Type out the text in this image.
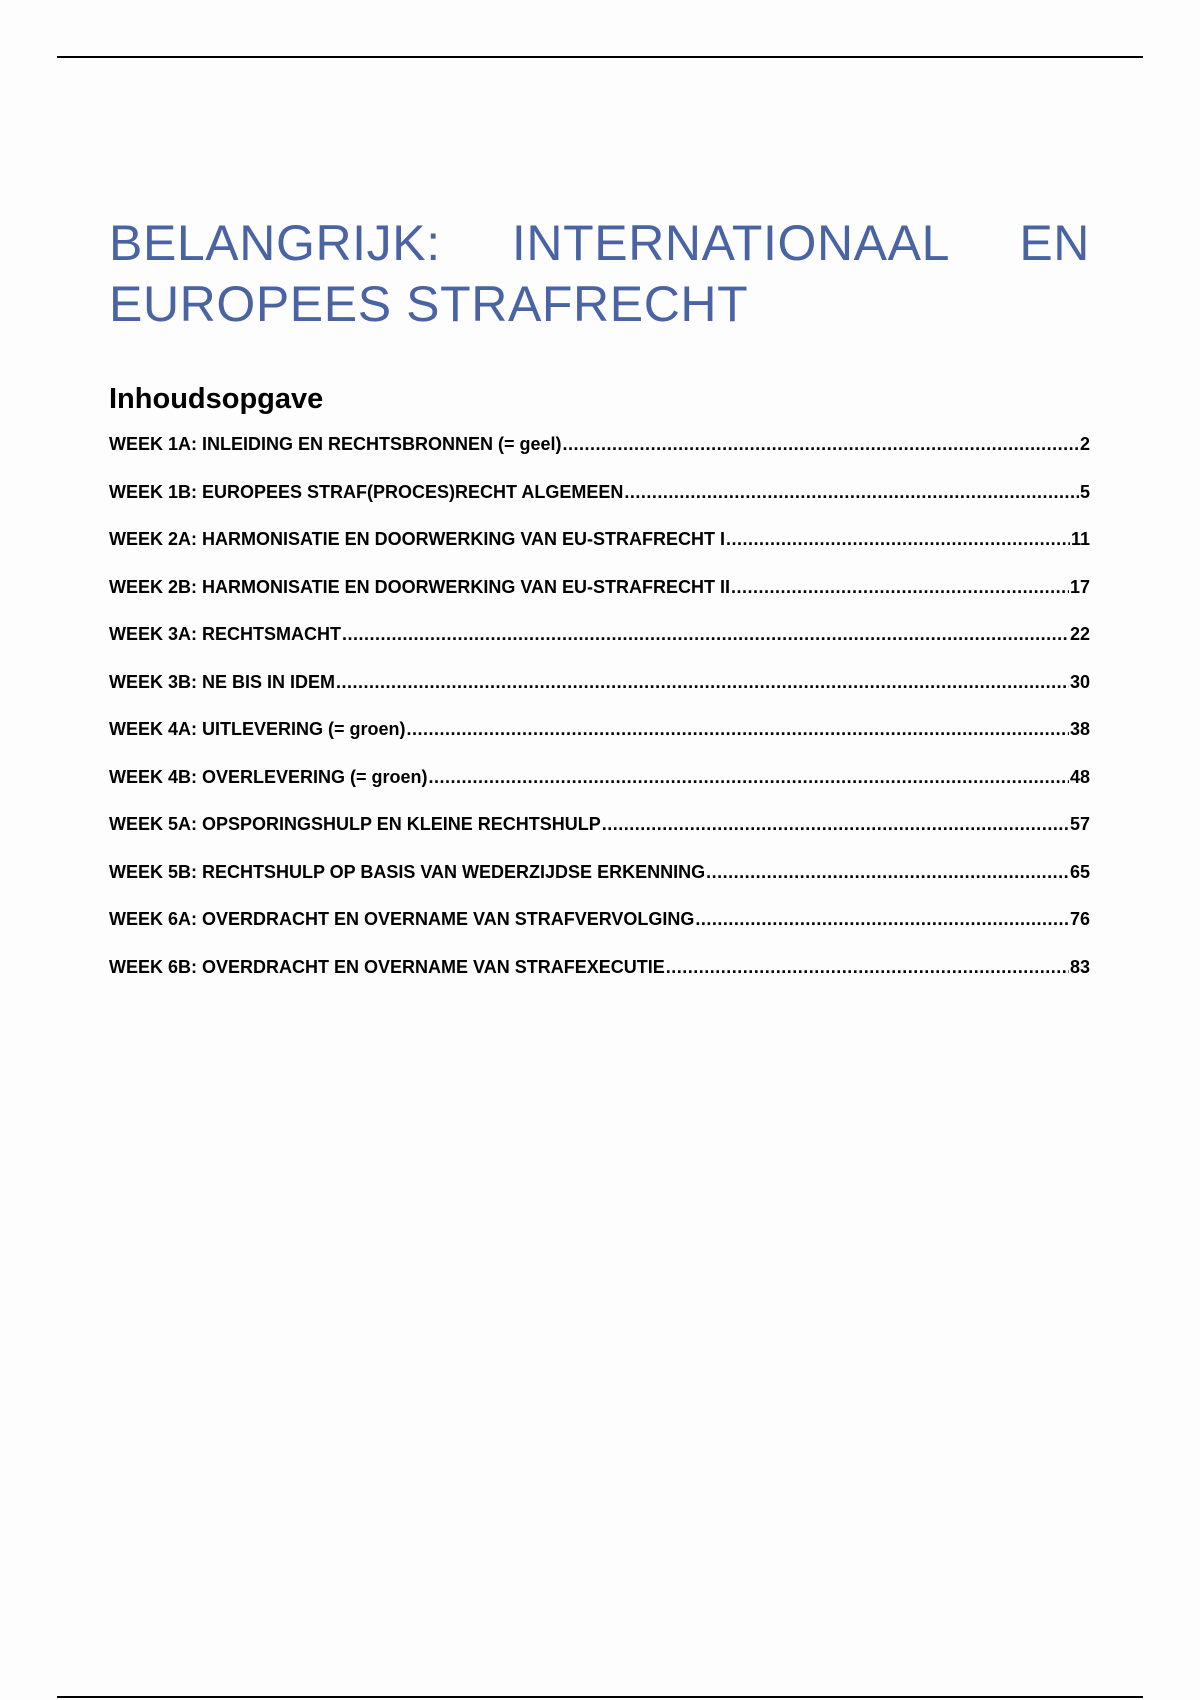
BELANGRIJK: INTERNATIONAAL EN EUROPEES STRAFRECHT
Inhoudsopgave
WEEK 1A: INLEIDING EN RECHTSBRONNEN (= geel) .....	2
WEEK 1B: EUROPEES STRAF(PROCES)RECHT ALGEMEEN .....	5
WEEK 2A: HARMONISATIE EN DOORWERKING VAN EU-STRAFRECHT I .....	11
WEEK 2B: HARMONISATIE EN DOORWERKING VAN EU-STRAFRECHT II .....	17
WEEK 3A: RECHTSMACHT .....	22
WEEK 3B: NE BIS IN IDEM .....	30
WEEK 4A: UITLEVERING (= groen) .....	38
WEEK 4B: OVERLEVERING (= groen) .....	48
WEEK 5A: OPSPORINGSHULP EN KLEINE RECHTSHULP .....	57
WEEK 5B: RECHTSHULP OP BASIS VAN WEDERZIJDSE ERKENNING .....	65
WEEK 6A: OVERDRACHT EN OVERNAME VAN STRAFVERVOLGING .....	76
WEEK 6B: OVERDRACHT EN OVERNAME VAN STRAFEXECUTIE .....	83
